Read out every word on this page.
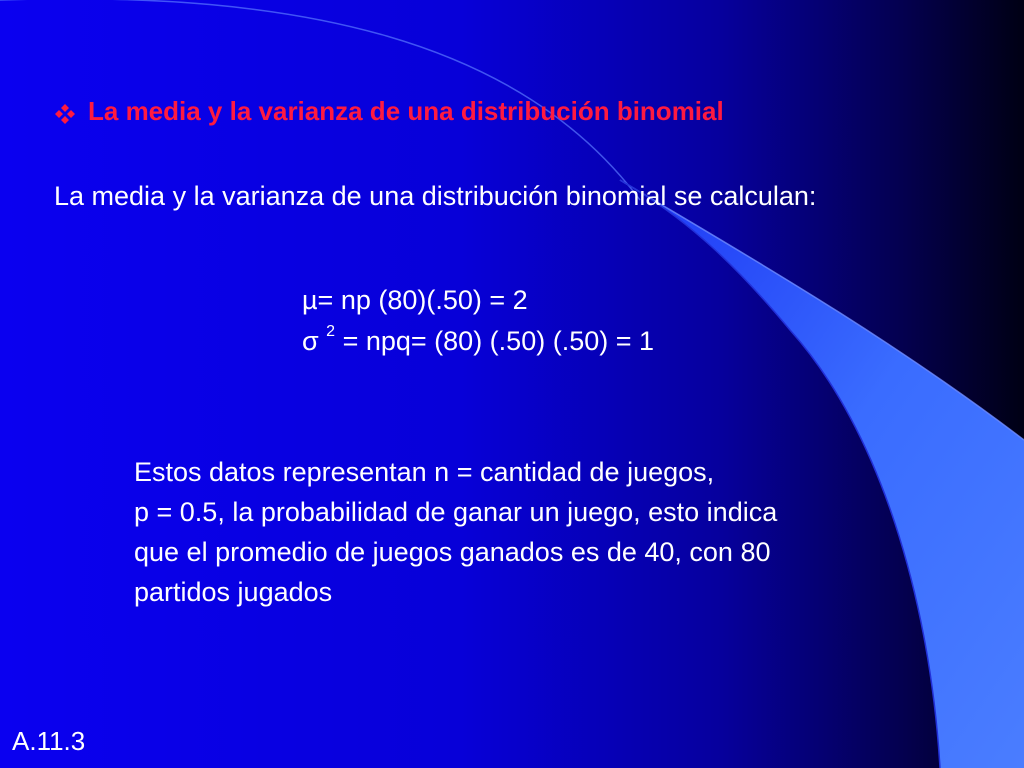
La media y la varianza de una distribución binomial
La media y la varianza de una distribución binomial se calculan:
µ= np (80)(.50) = 2
σ $^2$ = npq= (80) (.50) (.50) = 1
Estos datos representan n = cantidad de juegos,
p = 0.5, la probabilidad de ganar un juego, esto indica
que el promedio de juegos ganados es de 40, con 80
partidos jugados
A.11.3
